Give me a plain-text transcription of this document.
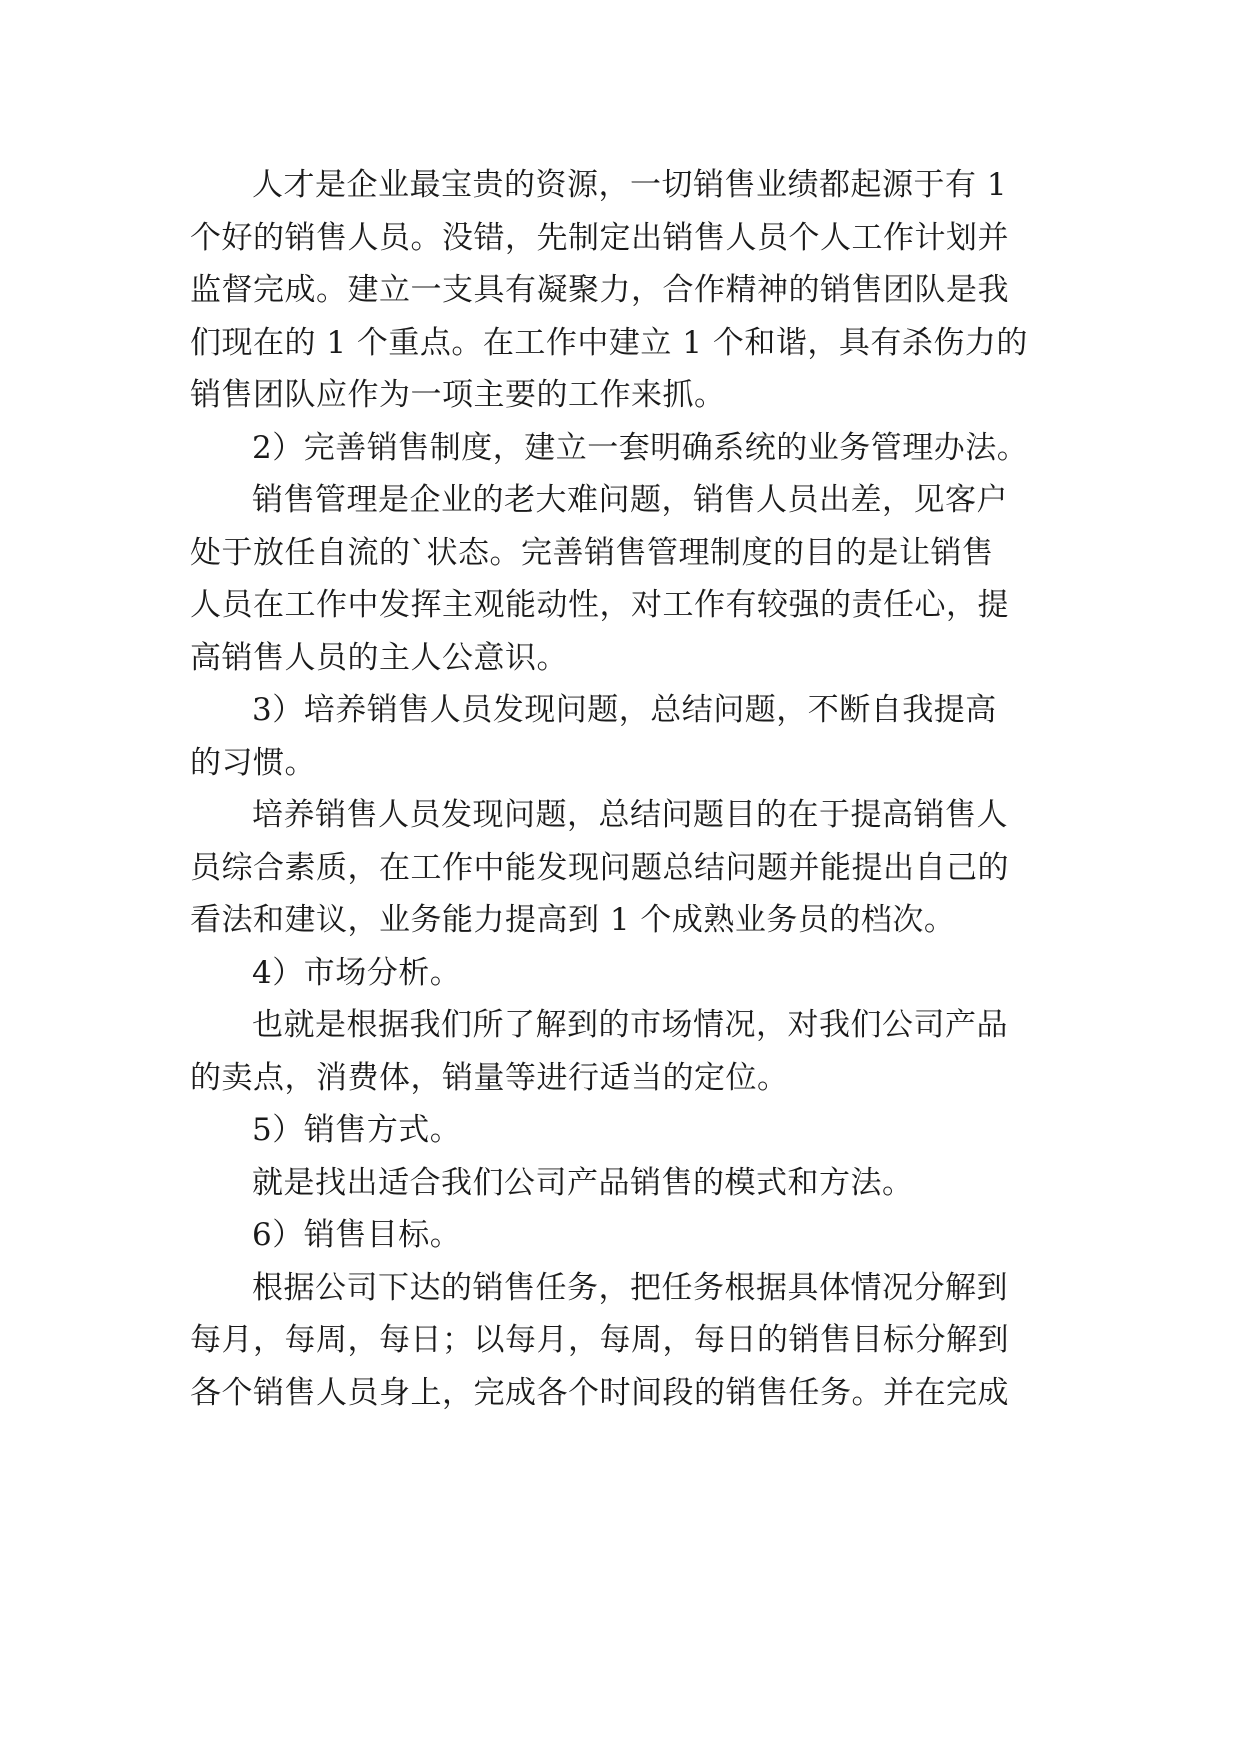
人才是企业最宝贵的资源，一切销售业绩都起源于有 1
个好的销售人员。没错，先制定出销售人员个人工作计划并
监督完成。建立一支具有凝聚力，合作精神的销售团队是我
们现在的 1 个重点。在工作中建立 1 个和谐，具有杀伤力的
销售团队应作为一项主要的工作来抓。
2）完善销售制度，建立一套明确系统的业务管理办法。
销售管理是企业的老大难问题，销售人员出差，见客户
处于放任自流的`状态。完善销售管理制度的目的是让销售
人员在工作中发挥主观能动性，对工作有较强的责任心，提
高销售人员的主人公意识。
3）培养销售人员发现问题，总结问题，不断自我提高
的习惯。
培养销售人员发现问题，总结问题目的在于提高销售人
员综合素质，在工作中能发现问题总结问题并能提出自己的
看法和建议，业务能力提高到 1 个成熟业务员的档次。
4）市场分析。
也就是根据我们所了解到的市场情况，对我们公司产品
的卖点，消费体，销量等进行适当的定位。
5）销售方式。
就是找出适合我们公司产品销售的模式和方法。
6）销售目标。
根据公司下达的销售任务，把任务根据具体情况分解到
每月，每周，每日；以每月，每周，每日的销售目标分解到
各个销售人员身上，完成各个时间段的销售任务。并在完成
